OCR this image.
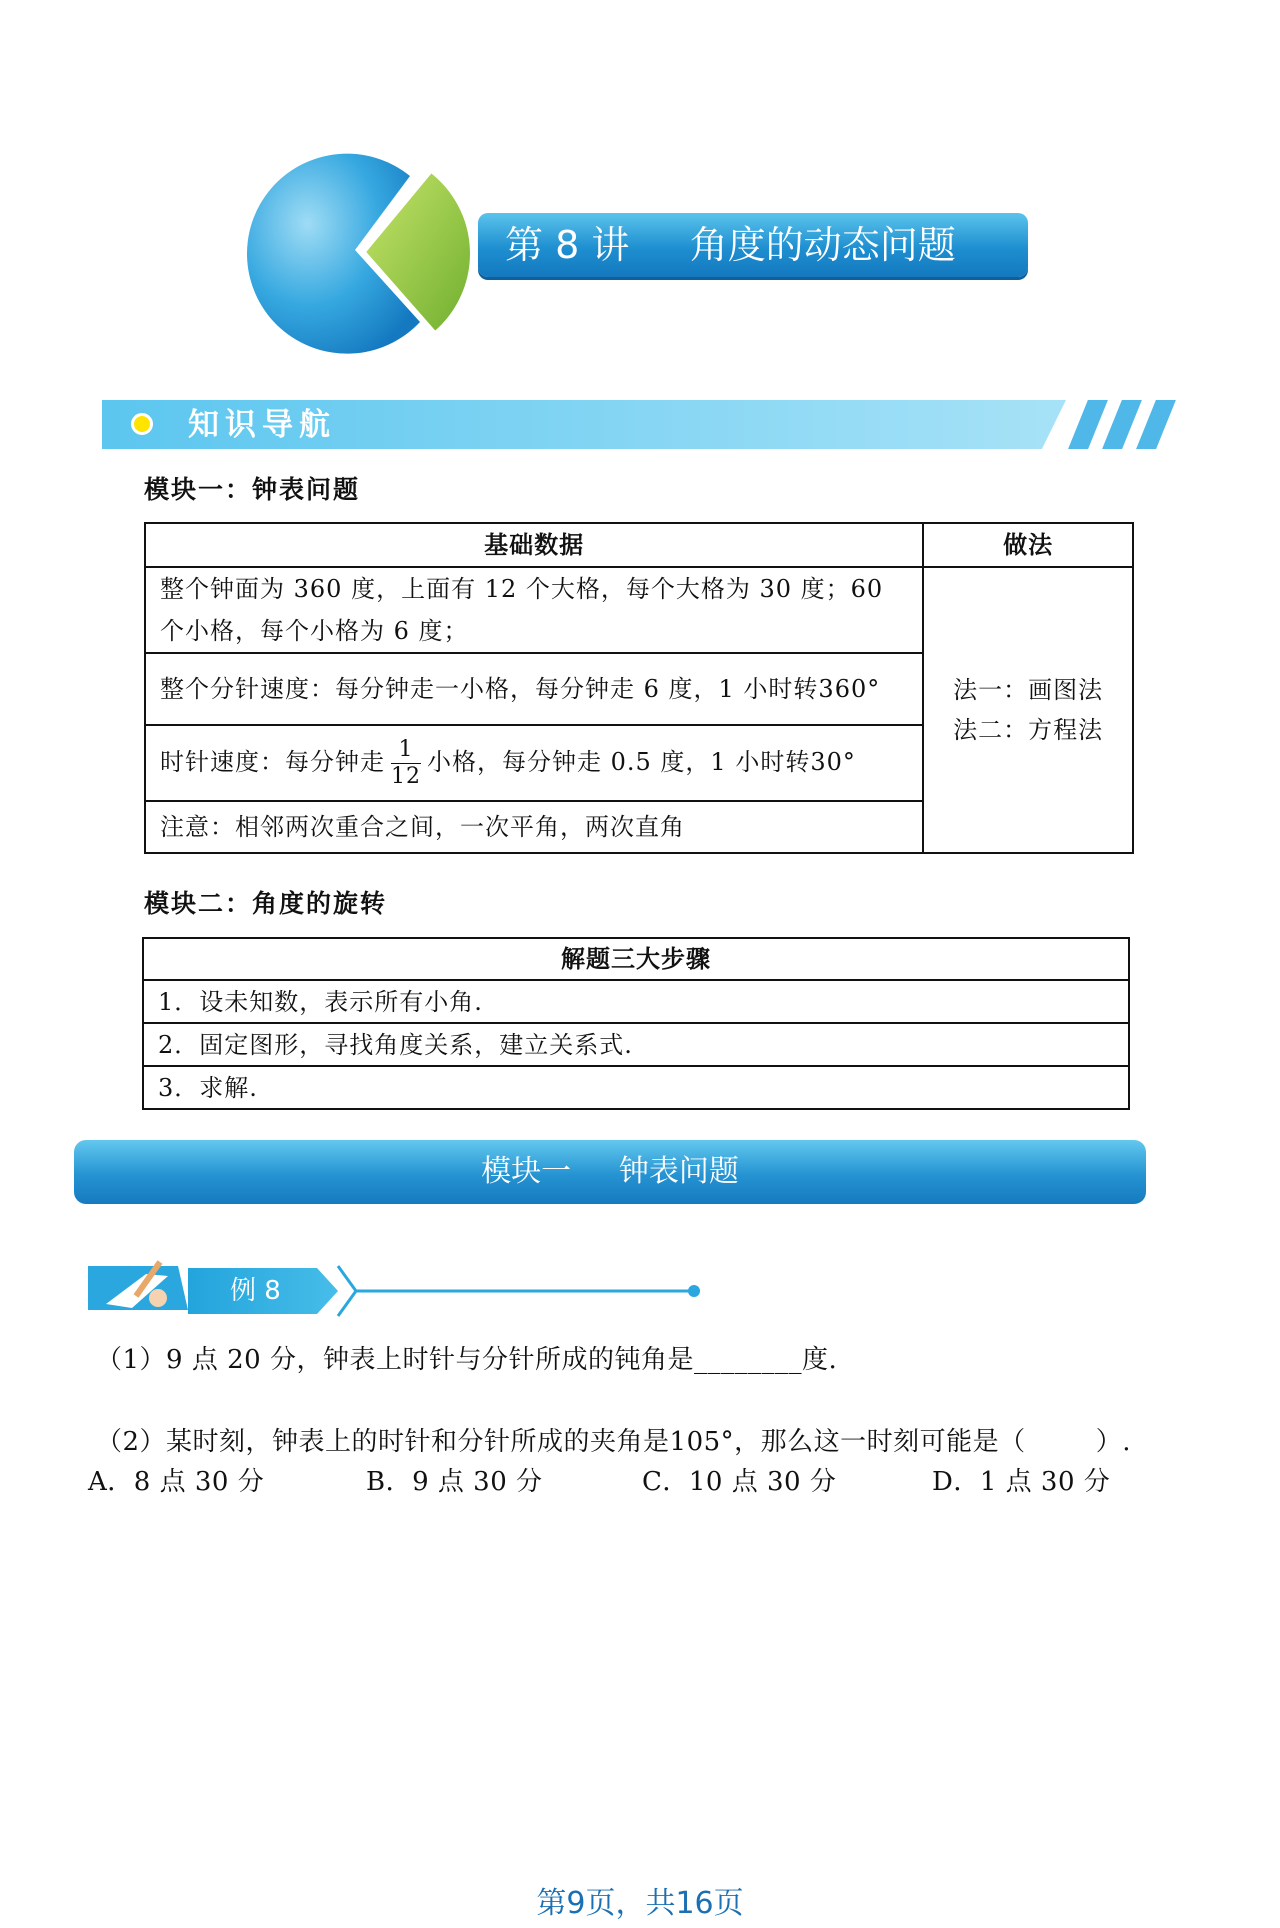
第 8 讲     角度的动态问题
知识导航
模块一：钟表问题
基础数据	做法
整个钟面为 360 度，上面有 12 个大格，每个大格为 30 度；60 个小格，每个小格为 6 度；	法一：画图法
法二：方程法

整个分针速度：每分钟走一小格，每分钟走 6 度，1 小时转360°	
时针速度：每分钟走 $\frac{1}{12}$ 小格，每分钟走 0.5 度，1 小时转30°	
注意：相邻两次重合之间，一次平角，两次直角	
模块二：角度的旋转
解题三大步骤
1．设未知数，表示所有小角.
2．固定图形，寻找角度关系，建立关系式.
3．求解.
模块一     钟表问题
例 8
（1）9 点 20 分，钟表上时针与分针所成的钝角是________度.
（2）某时刻，钟表上的时针和分针所成的夹角是105°，那么这一时刻可能是（        ）.
A．8 点 30 分	B．9 点 30 分	C．10 点 30 分	D．1 点 30 分
第9页，共16页
